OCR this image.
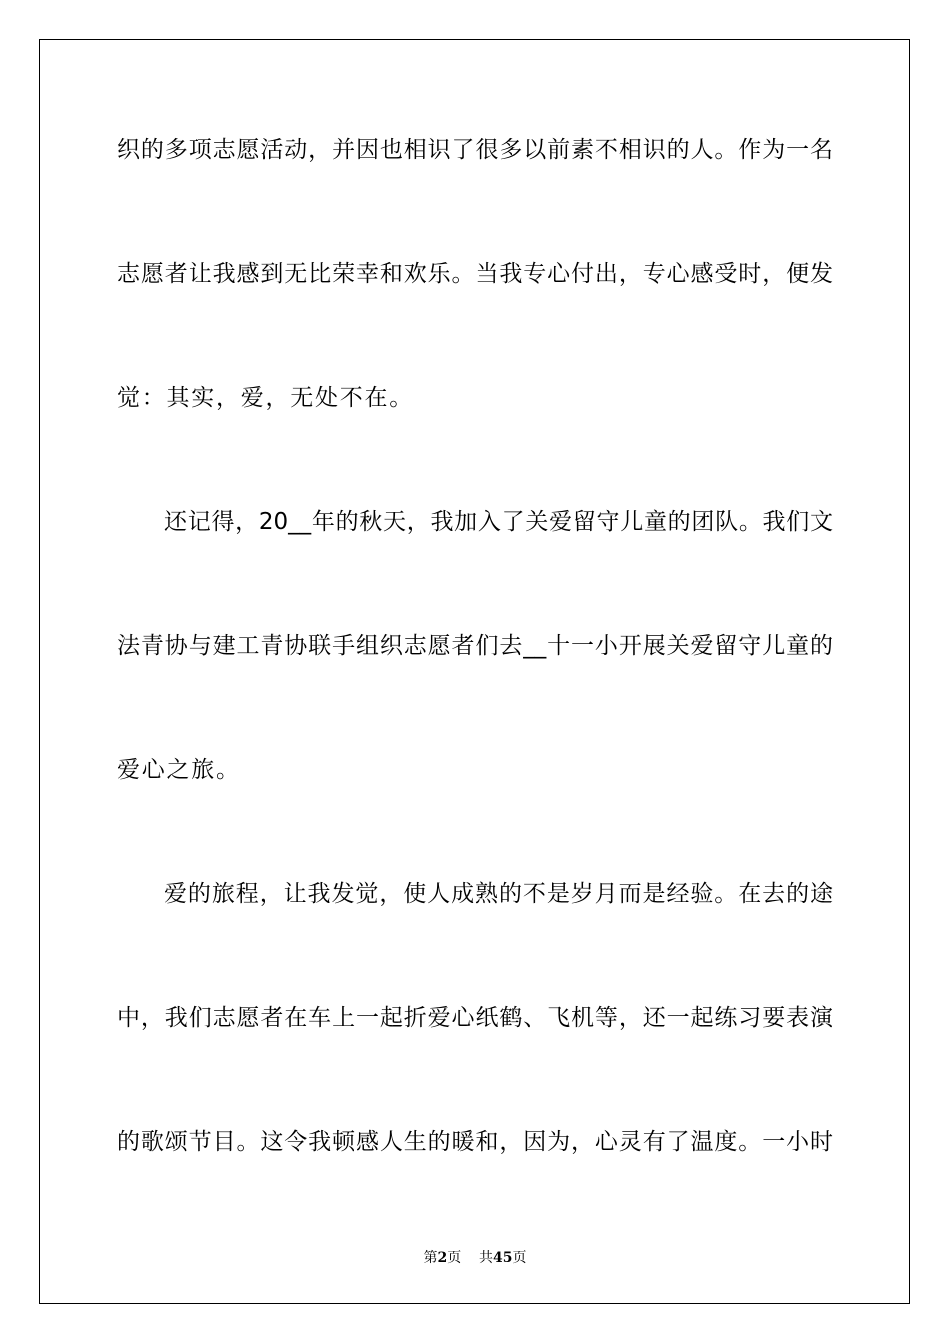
织的多项志愿活动，并因也相识了很多以前素不相识的人。作为一名
志愿者让我感到无比荣幸和欢乐。当我专心付出，专心感受时，便发
觉：其实，爱，无处不在。
还记得，20__年的秋天，我加入了关爱留守儿童的团队。我们文
法青协与建工青协联手组织志愿者们去__十一小开展关爱留守儿童的
爱心之旅。
爱的旅程，让我发觉，使人成熟的不是岁月而是经验。在去的途
中，我们志愿者在车上一起折爱心纸鹤、飞机等，还一起练习要表演
的歌颂节目。这令我顿感人生的暖和，因为，心灵有了温度。一小时
第2页 共45页
